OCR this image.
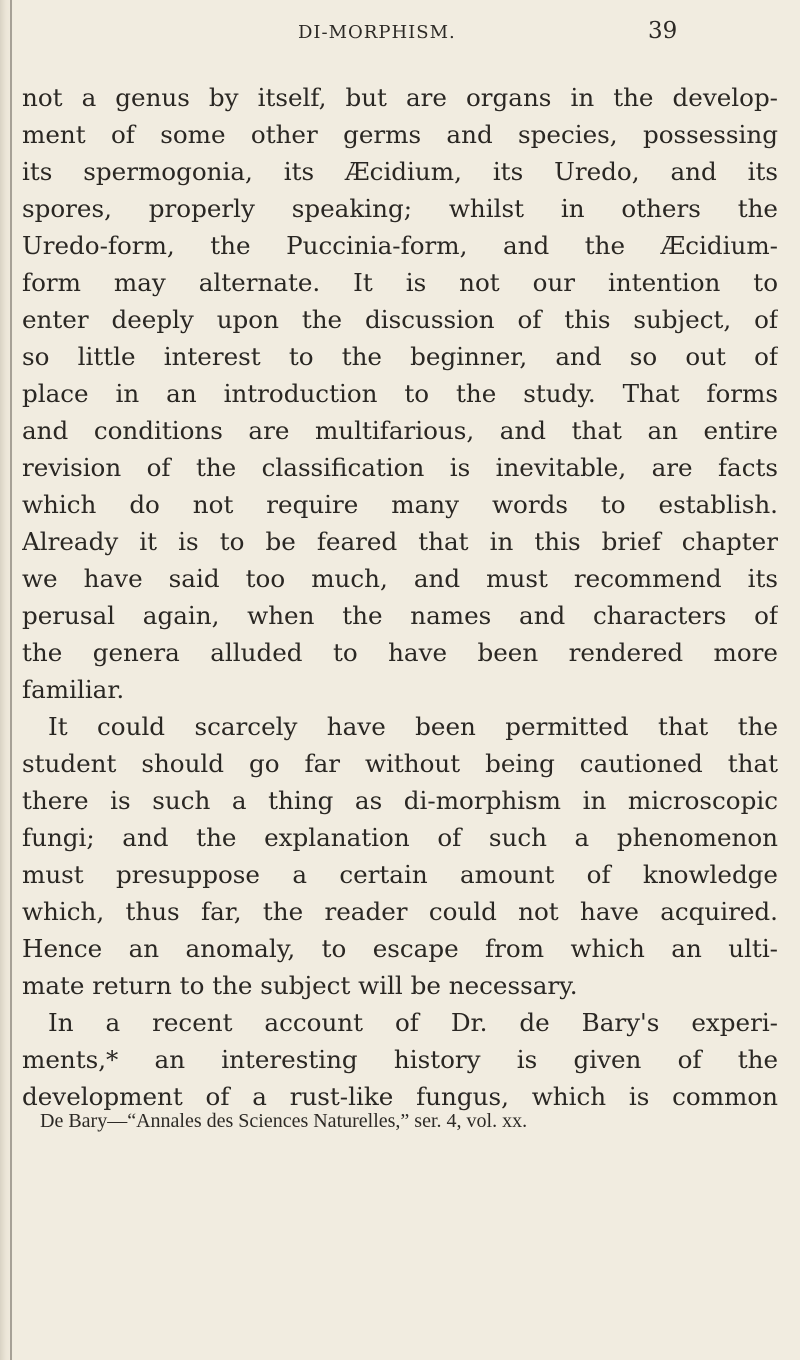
DI-MORPHISM.	39
not a genus by itself, but are organs in the develop-
ment of some other germs and species, possessing
its spermogonia, its Æcidium, its Uredo, and its
spores, properly speaking; whilst in others the
Uredo-form, the Puccinia-form, and the Æcidium-
form may alternate. It is not our intention to
enter deeply upon the discussion of this subject, of
so little interest to the beginner, and so out of
place in an introduction to the study. That forms
and conditions are multifarious, and that an entire
revision of the classification is inevitable, are facts
which do not require many words to establish.
Already it is to be feared that in this brief chapter
we have said too much, and must recommend its
perusal again, when the names and characters of
the genera alluded to have been rendered more
familiar.
It could scarcely have been permitted that the
student should go far without being cautioned that
there is such a thing as di-morphism in microscopic
fungi; and the explanation of such a phenomenon
must presuppose a certain amount of knowledge
which, thus far, the reader could not have acquired.
Hence an anomaly, to escape from which an ulti-
mate return to the subject will be necessary.
In a recent account of Dr. de Bary's experi-
ments,* an interesting history is given of the
development of a rust-like fungus, which is common
De Bary—“Annales des Sciences Naturelles,” ser. 4, vol. xx.
